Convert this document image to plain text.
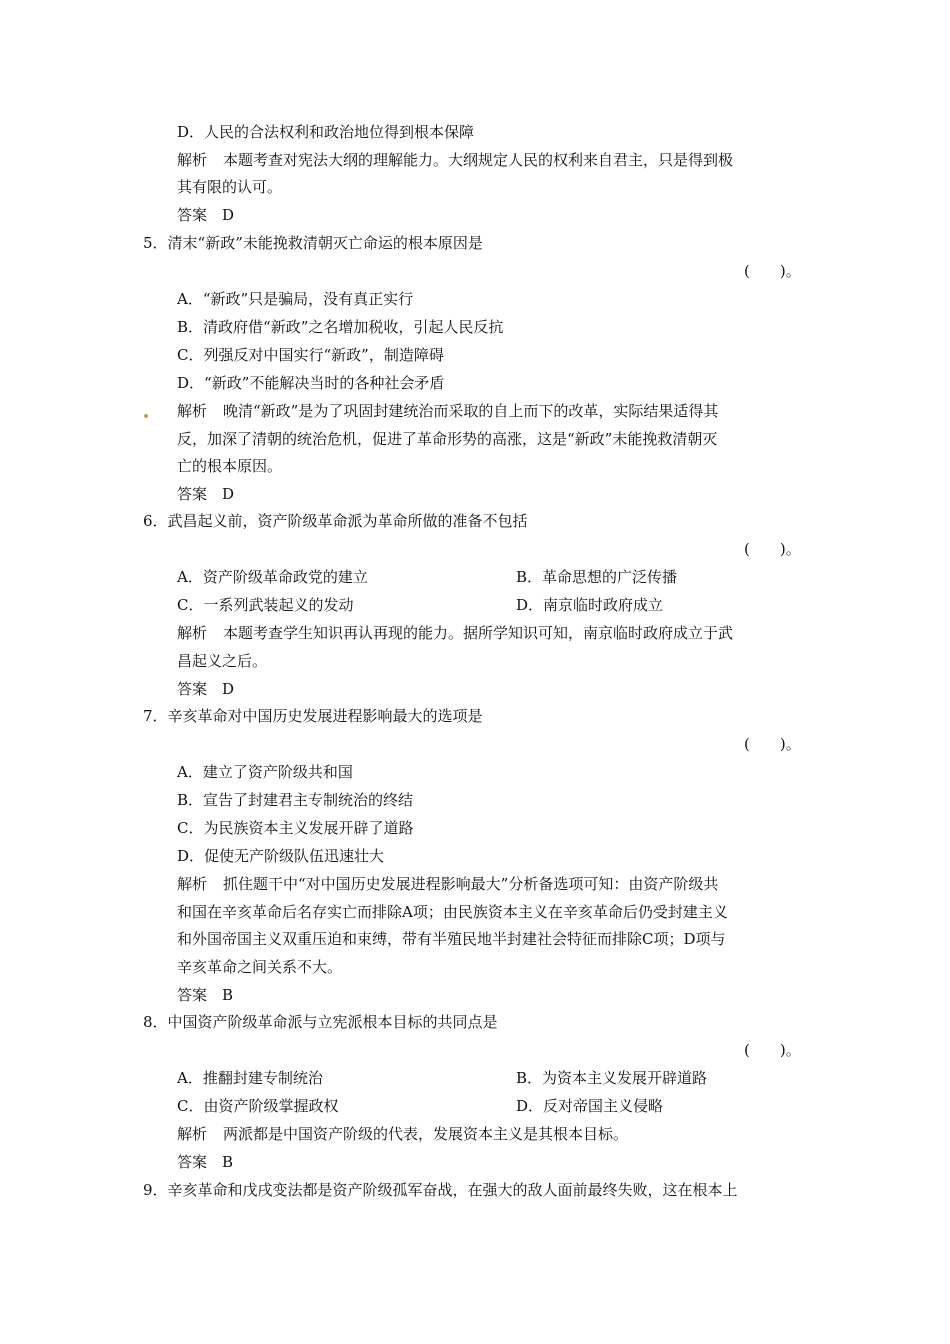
D．人民的合法权利和政治地位得到根本保障
解析 本题考查对宪法大纲的理解能力。大纲规定人民的权利来自君主，只是得到极
其有限的认可。
答案　D
5．清末“新政”未能挽救清朝灭亡命运的根本原因是
(　　)。
A．“新政”只是骗局，没有真正实行
B．清政府借“新政”之名增加税收，引起人民反抗
C．列强反对中国实行“新政”，制造障碍
D．“新政”不能解决当时的各种社会矛盾
解析 晚清“新政”是为了巩固封建统治而采取的自上而下的改革，实际结果适得其
反，加深了清朝的统治危机，促进了革命形势的高涨，这是“新政”未能挽救清朝灭
亡的根本原因。
答案　D
6．武昌起义前，资产阶级革命派为革命所做的准备不包括
(　　)。
A．资产阶级革命政党的建立	B．革命思想的广泛传播
C．一系列武装起义的发动	D．南京临时政府成立
解析 本题考查学生知识再认再现的能力。据所学知识可知，南京临时政府成立于武
昌起义之后。
答案　D
7．辛亥革命对中国历史发展进程影响最大的选项是
(　　)。
A．建立了资产阶级共和国
B．宣告了封建君主专制统治的终结
C．为民族资本主义发展开辟了道路
D．促使无产阶级队伍迅速壮大
解析 抓住题干中“对中国历史发展进程影响最大”分析备选项可知：由资产阶级共
和国在辛亥革命后名存实亡而排除A项；由民族资本主义在辛亥革命后仍受封建主义
和外国帝国主义双重压迫和束缚，带有半殖民地半封建社会特征而排除C项；D项与
辛亥革命之间关系不大。
答案　B
8．中国资产阶级革命派与立宪派根本目标的共同点是
(　　)。
A．推翻封建专制统治	B．为资本主义发展开辟道路
C．由资产阶级掌握政权	D．反对帝国主义侵略
解析 两派都是中国资产阶级的代表，发展资本主义是其根本目标。
答案　B
9．辛亥革命和戊戌变法都是资产阶级孤军奋战，在强大的敌人面前最终失败，这在根本上
